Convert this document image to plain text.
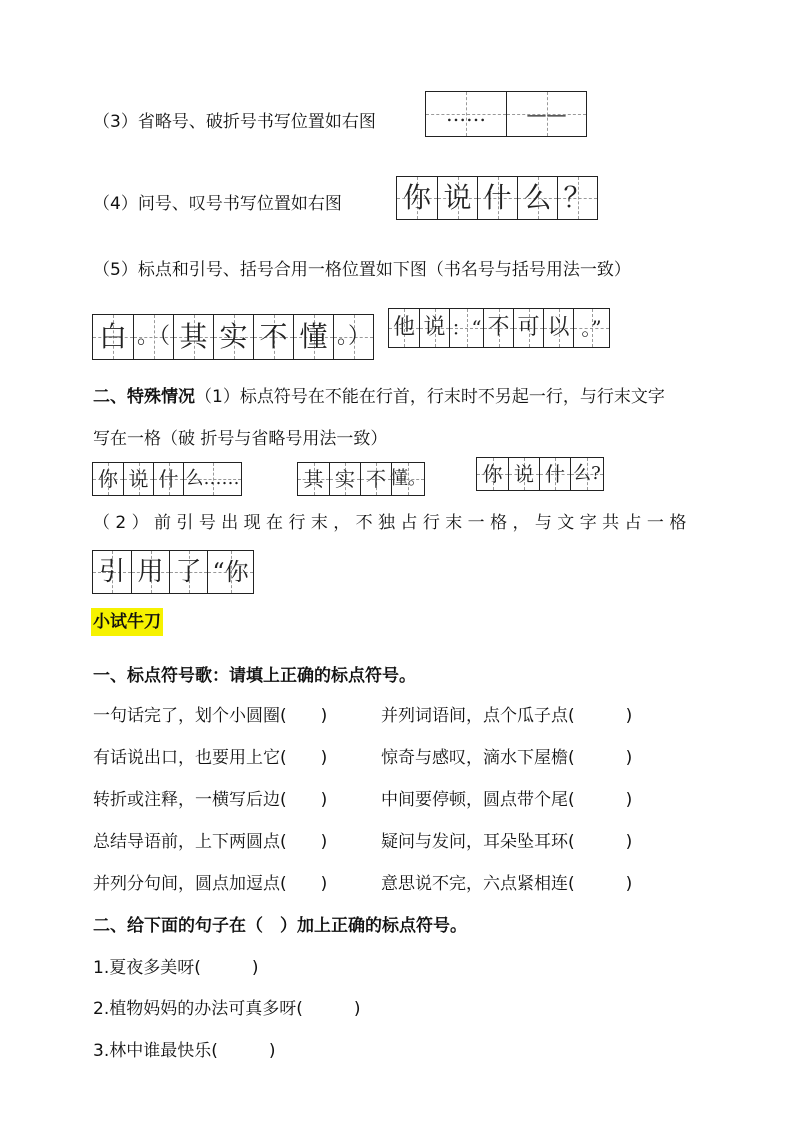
（3）省略号、破折号书写位置如右图	…… ——
（4）问号、叹号书写位置如右图 你 说 什 么 ？
（5）标点和引号、括号合用一格位置如下图（书名号与括号用法一致）
白 。（ 其 实 不 懂 。） 他 说 ：“ 不 可 以 。”
二、特殊情况（1）标点符号在不能在行首，行末时不另起一行，与行末文字
写在一格（破 折号与省略号用法一致）
你 说 什 么……	其 实 不 懂。	你 说 什 么?
（ 2 ） 前 引 号 出 现 在 行 末 ， 不 独 占 行 末 一 格 ， 与 文 字 共 占 一 格
引 用 了 “你
小试牛刀
一、标点符号歌：请填上正确的标点符号。
一句话完了，划个小圆圈(　　)	并列词语间，点个瓜子点(　　　)
有话说出口，也要用上它(　　)	惊奇与感叹，滴水下屋檐(　　　)
转折或注释，一横写后边(　　)	中间要停顿，圆点带个尾(　　　)
总结导语前，上下两圆点(　　)	疑问与发问，耳朵坠耳环(　　　)
并列分句间，圆点加逗点(　　)	意思说不完，六点紧相连(　　　)
二、给下面的句子在（　）加上正确的标点符号。
1.夏夜多美呀(　　　)
2.植物妈妈的办法可真多呀(　　　)
3.林中谁最快乐(　　　)
